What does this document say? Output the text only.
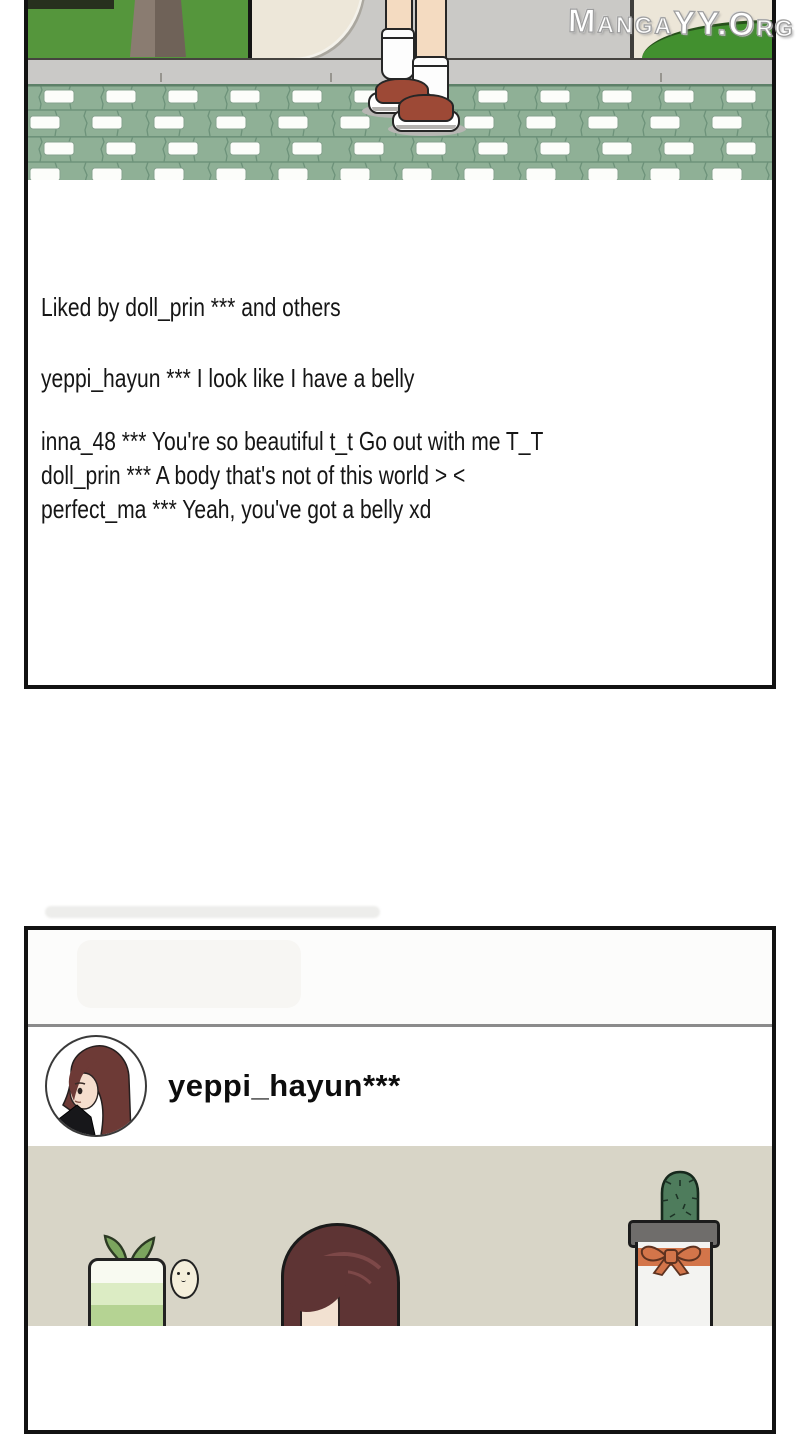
Liked by doll_prin *** and others
yeppi_hayun *** I look like I have a belly
inna_48 *** You're so beautiful t_t Go out with me T_T
doll_prin *** A body that's not of this world > <
perfect_ma *** Yeah, you've got a belly xd
MangaYY.Org
yeppi_hayun***
